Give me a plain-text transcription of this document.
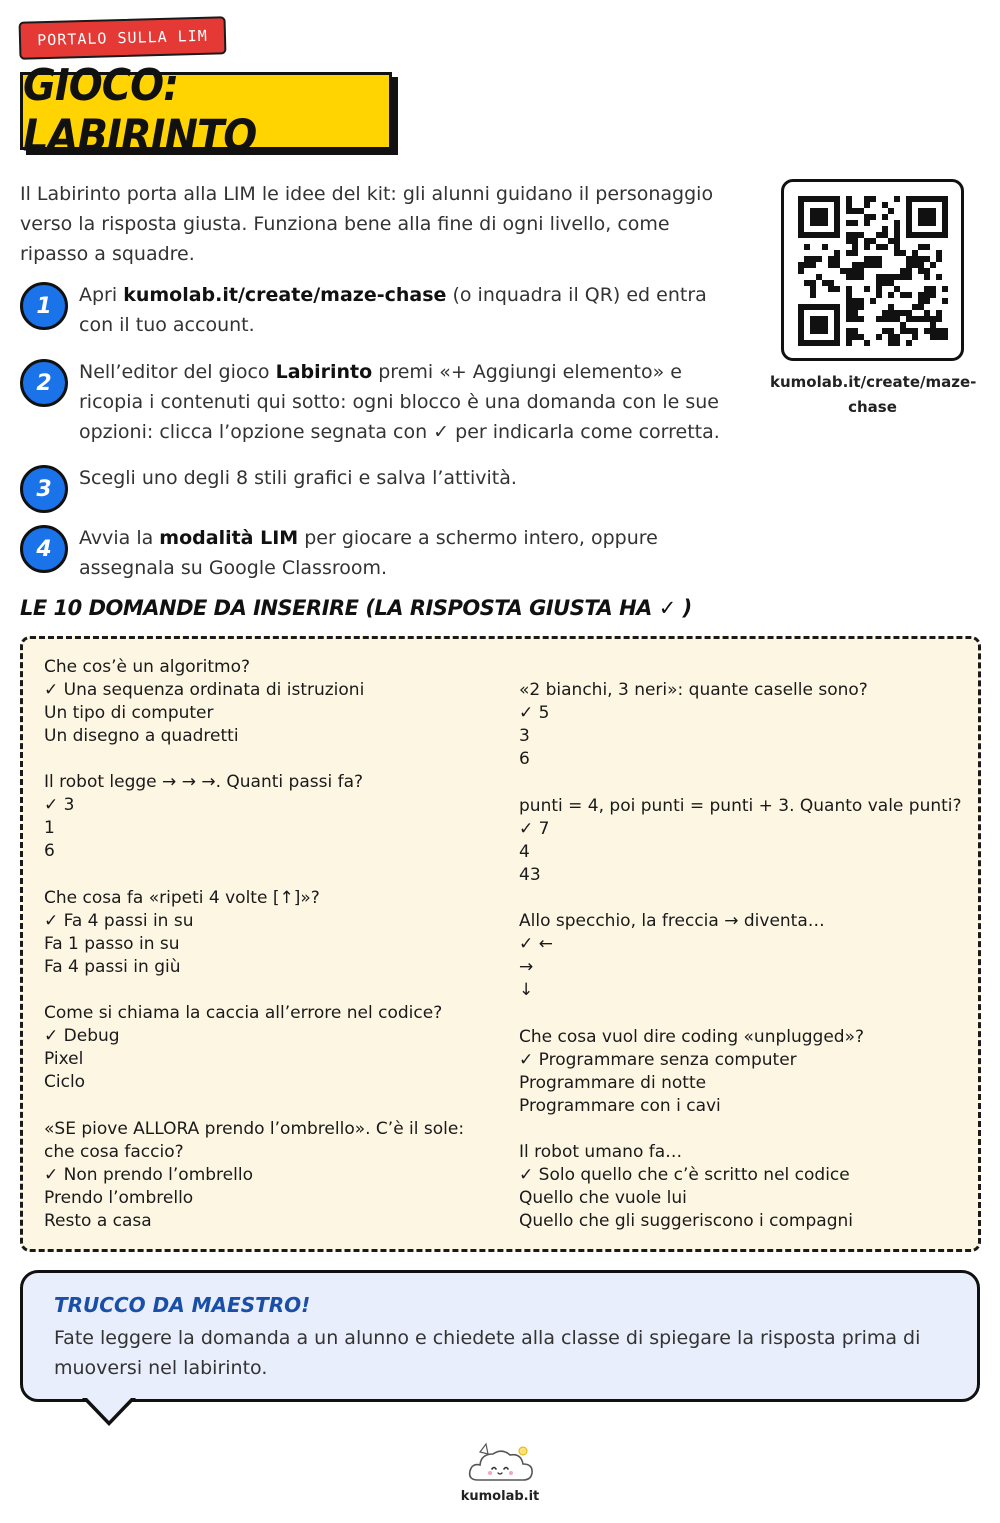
PORTALO SULLA LIM
GIOCO: LABIRINTO

Il Labirinto porta alla LIM le idee del kit: gli alunni guidano il personaggio verso la risposta giusta. Funziona bene alla fine di ogni livello, come ripasso a squadre.

1	Apri kumolab.it/create/maze-chase (o inquadra il QR) ed entra con il tuo account.
2	Nell’editor del gioco Labirinto premi «+ Aggiungi elemento» e ricopia i contenuti qui sotto: ogni blocco è una domanda con le sue opzioni: clicca l’opzione segnata con ✓ per indicarla come corretta.
3	Scegli uno degli 8 stili grafici e salva l’attività.
4	Avvia la modalità LIM per giocare a schermo intero, oppure assegnala su Google Classroom.
kumolab.it/create/maze-chase
LE 10 DOMANDE DA INSERIRE (LA RISPOSTA GIUSTA HA ✓ )
Che cos’è un algoritmo?
✓ Una sequenza ordinata di istruzioni
Un tipo di computer
Un disegno a quadretti
Il robot legge → → →. Quanti passi fa?
✓ 3
1
6
Che cosa fa «ripeti 4 volte [↑]»?
✓ Fa 4 passi in su
Fa 1 passo in su
Fa 4 passi in giù
Come si chiama la caccia all’errore nel codice?
✓ Debug
Pixel
Ciclo
«SE piove ALLORA prendo l’ombrello». C’è il sole:
che cosa faccio?
✓ Non prendo l’ombrello
Prendo l’ombrello
Resto a casa
«2 bianchi, 3 neri»: quante caselle sono?
✓ 5
3
6
punti = 4, poi punti = punti + 3. Quanto vale punti?
✓ 7
4
43
Allo specchio, la freccia → diventa…
✓ ←
→
↓
Che cosa vuol dire coding «unplugged»?
✓ Programmare senza computer
Programmare di notte
Programmare con i cavi
Il robot umano fa…
✓ Solo quello che c’è scritto nel codice
Quello che vuole lui
Quello che gli suggeriscono i compagni
TRUCCO DA MAESTRO!
Fate leggere la domanda a un alunno e chiedete alla classe di spiegare la risposta prima di muoversi nel labirinto.
kumolab.it
